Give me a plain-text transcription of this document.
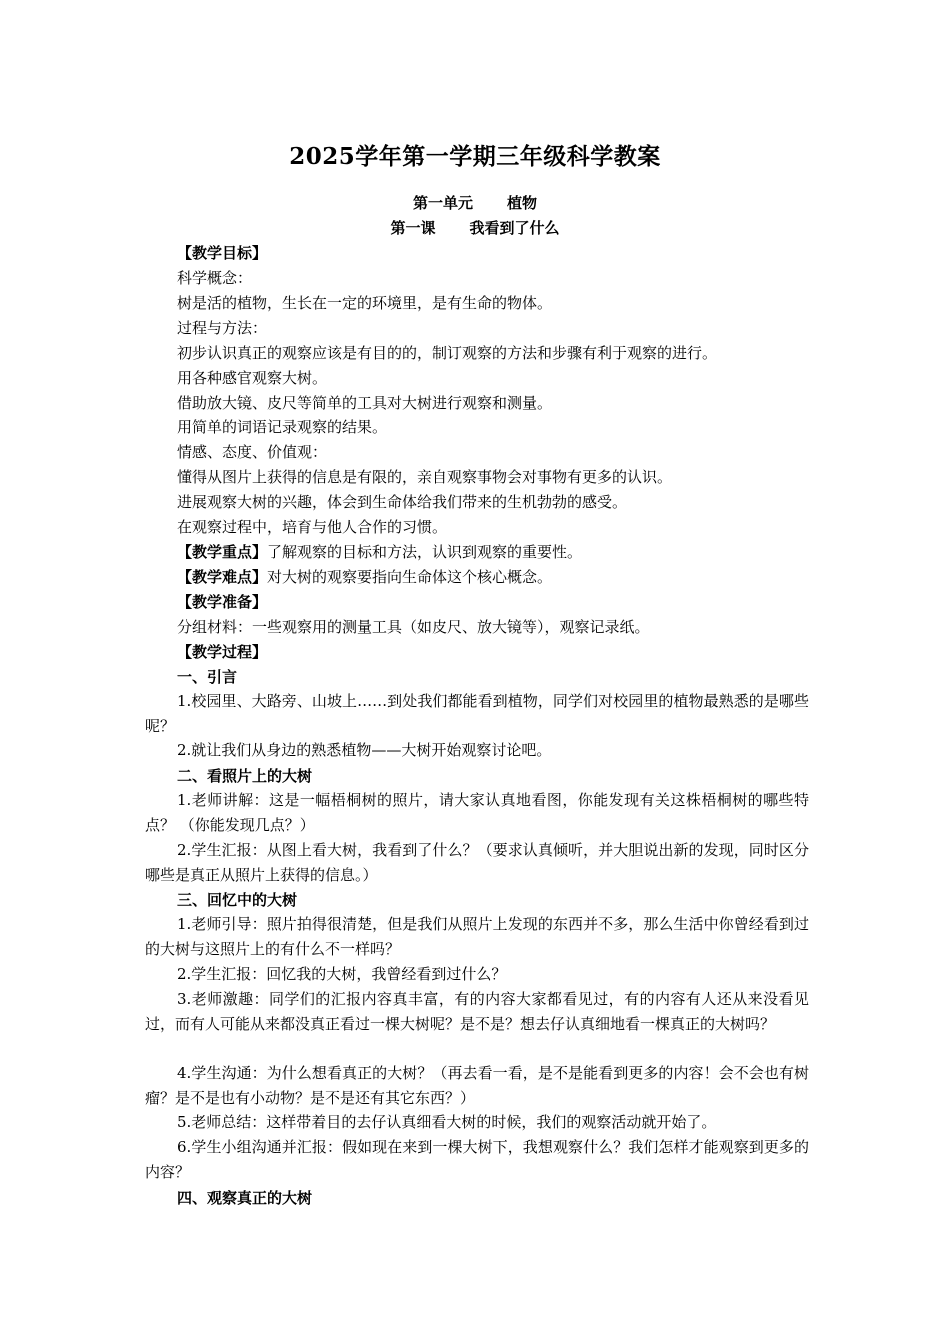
2025学年第一学期三年级科学教案
第一单元 植物
第一课 我看到了什么
【教学目标】
科学概念：
树是活的植物，生长在一定的环境里，是有生命的物体。
过程与方法：
初步认识真正的观察应该是有目的的，制订观察的方法和步骤有利于观察的进行。
用各种感官观察大树。
借助放大镜、皮尺等简单的工具对大树进行观察和测量。
用简单的词语记录观察的结果。
情感、态度、价值观：
懂得从图片上获得的信息是有限的，亲自观察事物会对事物有更多的认识。
进展观察大树的兴趣，体会到生命体给我们带来的生机勃勃的感受。
在观察过程中，培育与他人合作的习惯。
【教学重点】了解观察的目标和方法，认识到观察的重要性。
【教学难点】对大树的观察要指向生命体这个核心概念。
【教学准备】
分组材料：一些观察用的测量工具（如皮尺、放大镜等），观察记录纸。
【教学过程】
一、引言
1.校园里、大路旁、山坡上……到处我们都能看到植物，同学们对校园里的植物最熟悉的是哪些呢？
2.就让我们从身边的熟悉植物——大树开始观察讨论吧。
二、看照片上的大树
1.老师讲解：这是一幅梧桐树的照片，请大家认真地看图，你能发现有关这株梧桐树的哪些特点？ （你能发现几点？）
2.学生汇报：从图上看大树，我看到了什么？（要求认真倾听，并大胆说出新的发现，同时区分哪些是真正从照片上获得的信息。）
三、回忆中的大树
1.老师引导：照片拍得很清楚，但是我们从照片上发现的东西并不多，那么生活中你曾经看到过的大树与这照片上的有什么不一样吗？
2.学生汇报：回忆我的大树，我曾经看到过什么？
3.老师激趣：同学们的汇报内容真丰富，有的内容大家都看见过，有的内容有人还从来没看见过，而有人可能从来都没真正看过一棵大树呢？是不是？想去仔认真细地看一棵真正的大树吗？
4.学生沟通：为什么想看真正的大树？（再去看一看，是不是能看到更多的内容！会不会也有树瘤？是不是也有小动物？是不是还有其它东西？）
5.老师总结：这样带着目的去仔认真细看大树的时候，我们的观察活动就开始了。
6.学生小组沟通并汇报：假如现在来到一棵大树下，我想观察什么？我们怎样才能观察到更多的内容？
四、观察真正的大树
